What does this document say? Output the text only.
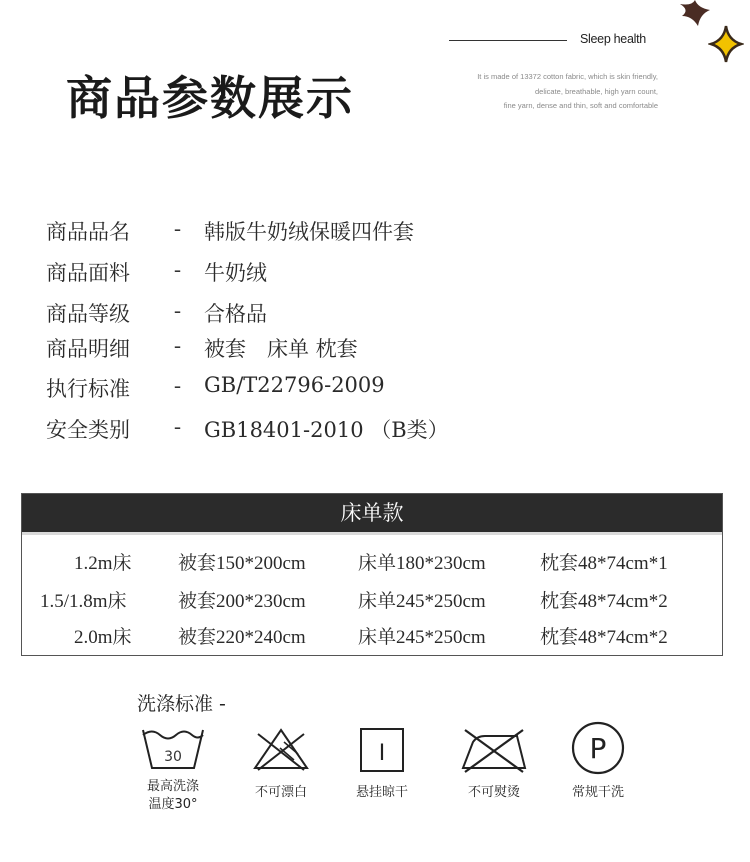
Sleep health
It is made of 13372 cotton fabric, which is skin friendly,
delicate, breathable, high yarn count,
fine yarn, dense and thin, soft and comfortable
商品参数展示
商品品名 - 韩版牛奶绒保暖四件套
商品面料 - 牛奶绒
商品等级 - 合格品
商品明细 - 被套　床单 枕套
执行标准 - GB/T22796-2009
安全类别 - GB18401-2010 （B类）
床单款
1.2m床 被套150*200cm	床单180*230cm	枕套48*74cm*1
1.5/1.8m床	被套200*230cm	床单245*250cm	枕套48*74cm*2
2.0m床 被套220*240cm	床单245*250cm	枕套48*74cm*2
洗涤标准 -
30
最高洗涤
温度30°
不可漂白
I
悬挂晾干	不可熨烫
P
常规干洗
